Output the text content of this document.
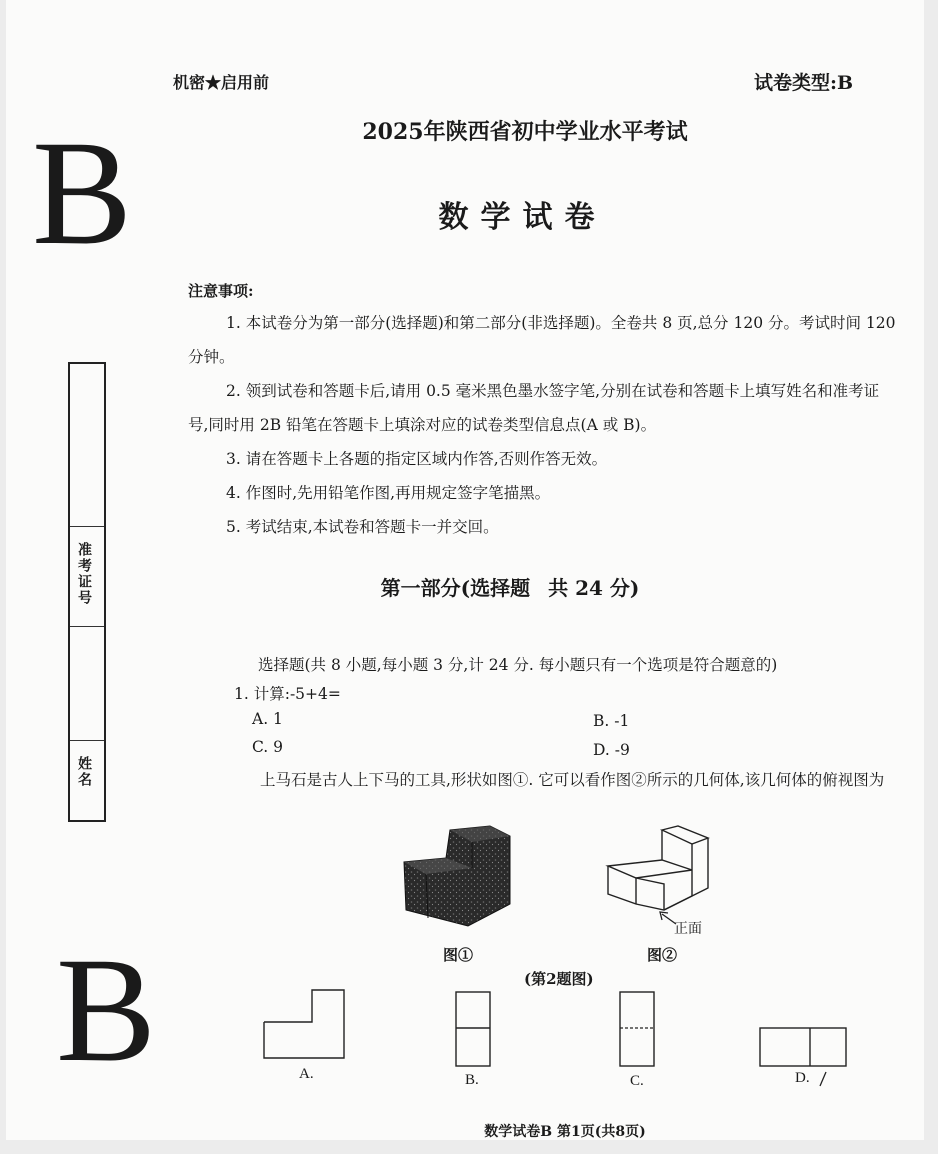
机密★启用前	试卷类型:B
B
B
2025年陕西省初中学业水平考试
数学试卷
准考证号
姓名
注意事项:

1. 本试卷分为第一部分(选择题)和第二部分(非选择题)。全卷共 8 页,总分 120 分。考试时间 120 分钟。

2. 领到试卷和答题卡后,请用 0.5 毫米黑色墨水签字笔,分别在试卷和答题卡上填写姓名和准考证号,同时用 2B 铅笔在答题卡上填涂对应的试卷类型信息点(A 或 B)。

3. 请在答题卡上各题的指定区域内作答,否则作答无效。

4. 作图时,先用铅笔作图,再用规定签字笔描黑。

5. 考试结束,本试卷和答题卡一并交回。

第一部分(选择题 共 24 分)
选择题(共 8 小题,每小题 3 分,计 24 分. 每小题只有一个选项是符合题意的)
1. 计算:-5+4=
A. 1	B. -1
C. 9	D. -9
上马石是古人上下马的工具,形状如图①. 它可以看作图②所示的几何体,该几何体的俯视图为
正面
图①	图②
(第2题图)
A.	B.	C.	D.
数学试卷B 第1页(共8页)
